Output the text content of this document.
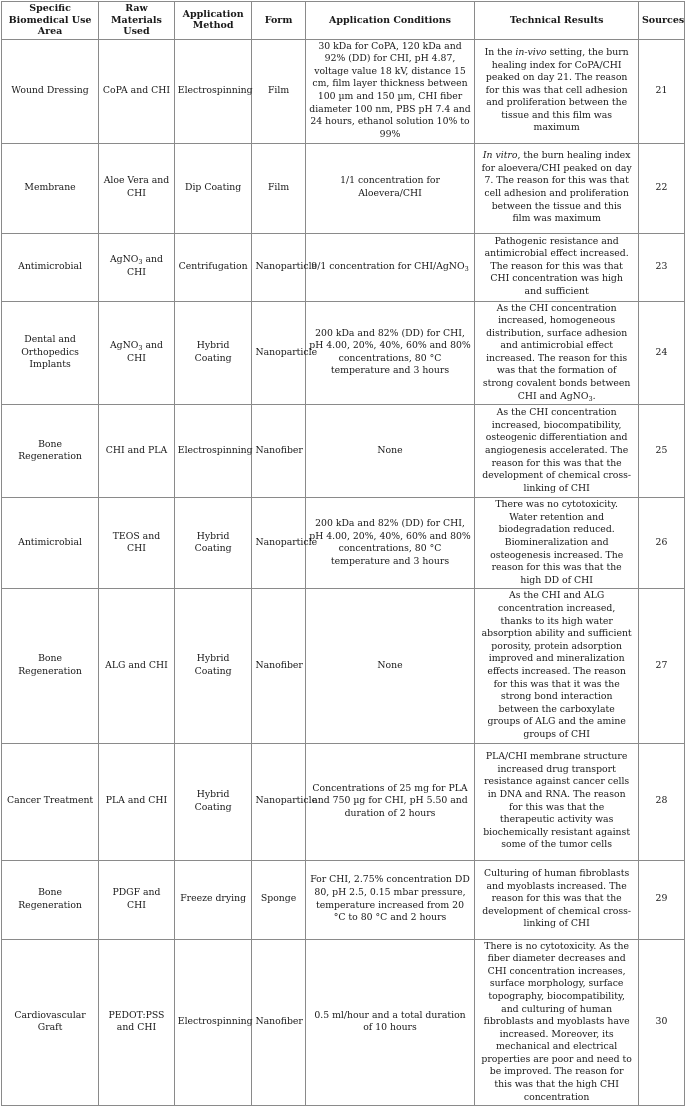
Specific Biomedical Use Area	Raw Materials Used	Application Method	Form	Application Conditions	Technical Results	Sources
Wound Dressing	CoPA and CHI	Electrospinning	Film	30 kDa for CoPA, 120 kDa and 92% (DD) for CHI, pH 4.87, voltage value 18 kV, distance 15 cm, film layer thickness between 100 µm and 150 µm, CHI fiber diameter 100 nm, PBS pH 7.4 and 24 hours, ethanol solution 10% to 99%	In the in-vivo setting, the burn healing index for CoPA/CHI peaked on day 21. The reason for this was that cell adhesion and proliferation between the tissue and this film was maximum	21
Membrane	Aloe Vera and CHI	Dip Coating	Film	1/1 concentration for Aloevera/CHI	In vitro, the burn healing index for aloevera/CHI peaked on day 7. The reason for this was that cell adhesion and proliferation between the tissue and this film was maximum	22
Antimicrobial	AgNO$_3$ and CHI	Centrifugation	Nanoparticle	9/1 concentration for CHI/AgNO$_3$	Pathogenic resistance and antimicrobial effect increased. The reason for this was that CHI concentration was high and sufficient	23
Dental and Orthopedics Implants	AgNO$_3$ and CHI	Hybrid Coating	Nanoparticle	200 kDa and 82% (DD) for CHI, pH 4.00, 20%, 40%, 60% and 80% concentrations, 80 °C temperature and 3 hours	As the CHI concentration increased, homogeneous distribution, surface adhesion and antimicrobial effect increased. The reason for this was that the formation of strong covalent bonds between CHI and AgNO$_3$.	24
Bone Regeneration	CHI and PLA	Electrospinning	Nanofiber	None	As the CHI concentration increased, biocompatibility, osteogenic differentiation and angiogenesis accelerated. The reason for this was that the development of chemical cross-linking of CHI	25
Antimicrobial	TEOS and CHI	Hybrid Coating	Nanoparticle	200 kDa and 82% (DD) for CHI, pH 4.00, 20%, 40%, 60% and 80% concentrations, 80 °C temperature and 3 hours	There was no cytotoxicity. Water retention and biodegradation reduced. Biomineralization and osteogenesis increased. The reason for this was that the high DD of CHI	26
Bone Regeneration	ALG and CHI	Hybrid Coating	Nanofiber	None	As the CHI and ALG concentration increased, thanks to its high water absorption ability and sufficient porosity, protein adsorption improved and mineralization effects increased. The reason for this was that it was the strong bond interaction between the carboxylate groups of ALG and the amine groups of CHI	27
Cancer Treatment	PLA and CHI	Hybrid Coating	Nanoparticle	Concentrations of 25 mg for PLA and 750 µg for CHI, pH 5.50 and duration of 2 hours	PLA/CHI membrane structure increased drug transport resistance against cancer cells in DNA and RNA. The reason for this was that the therapeutic activity was biochemically resistant against some of the tumor cells	28
Bone Regeneration	PDGF and CHI	Freeze drying	Sponge	For CHI, 2.75% concentration DD 80, pH 2.5, 0.15 mbar pressure, temperature increased from 20 °C to 80 °C and 2 hours	Culturing of human fibroblasts and myoblasts increased. The reason for this was that the development of chemical cross-linking of CHI	29
Cardiovascular Graft	PEDOT:PSS and CHI	Electrospinning	Nanofiber	0.5 ml/hour and a total duration of 10 hours	There is no cytotoxicity. As the fiber diameter decreases and CHI concentration increases, surface morphology, surface topography, biocompatibility, and culturing of human fibroblasts and myoblasts have increased. Moreover, its mechanical and electrical properties are poor and need to be improved. The reason for this was that the high CHI concentration	30
